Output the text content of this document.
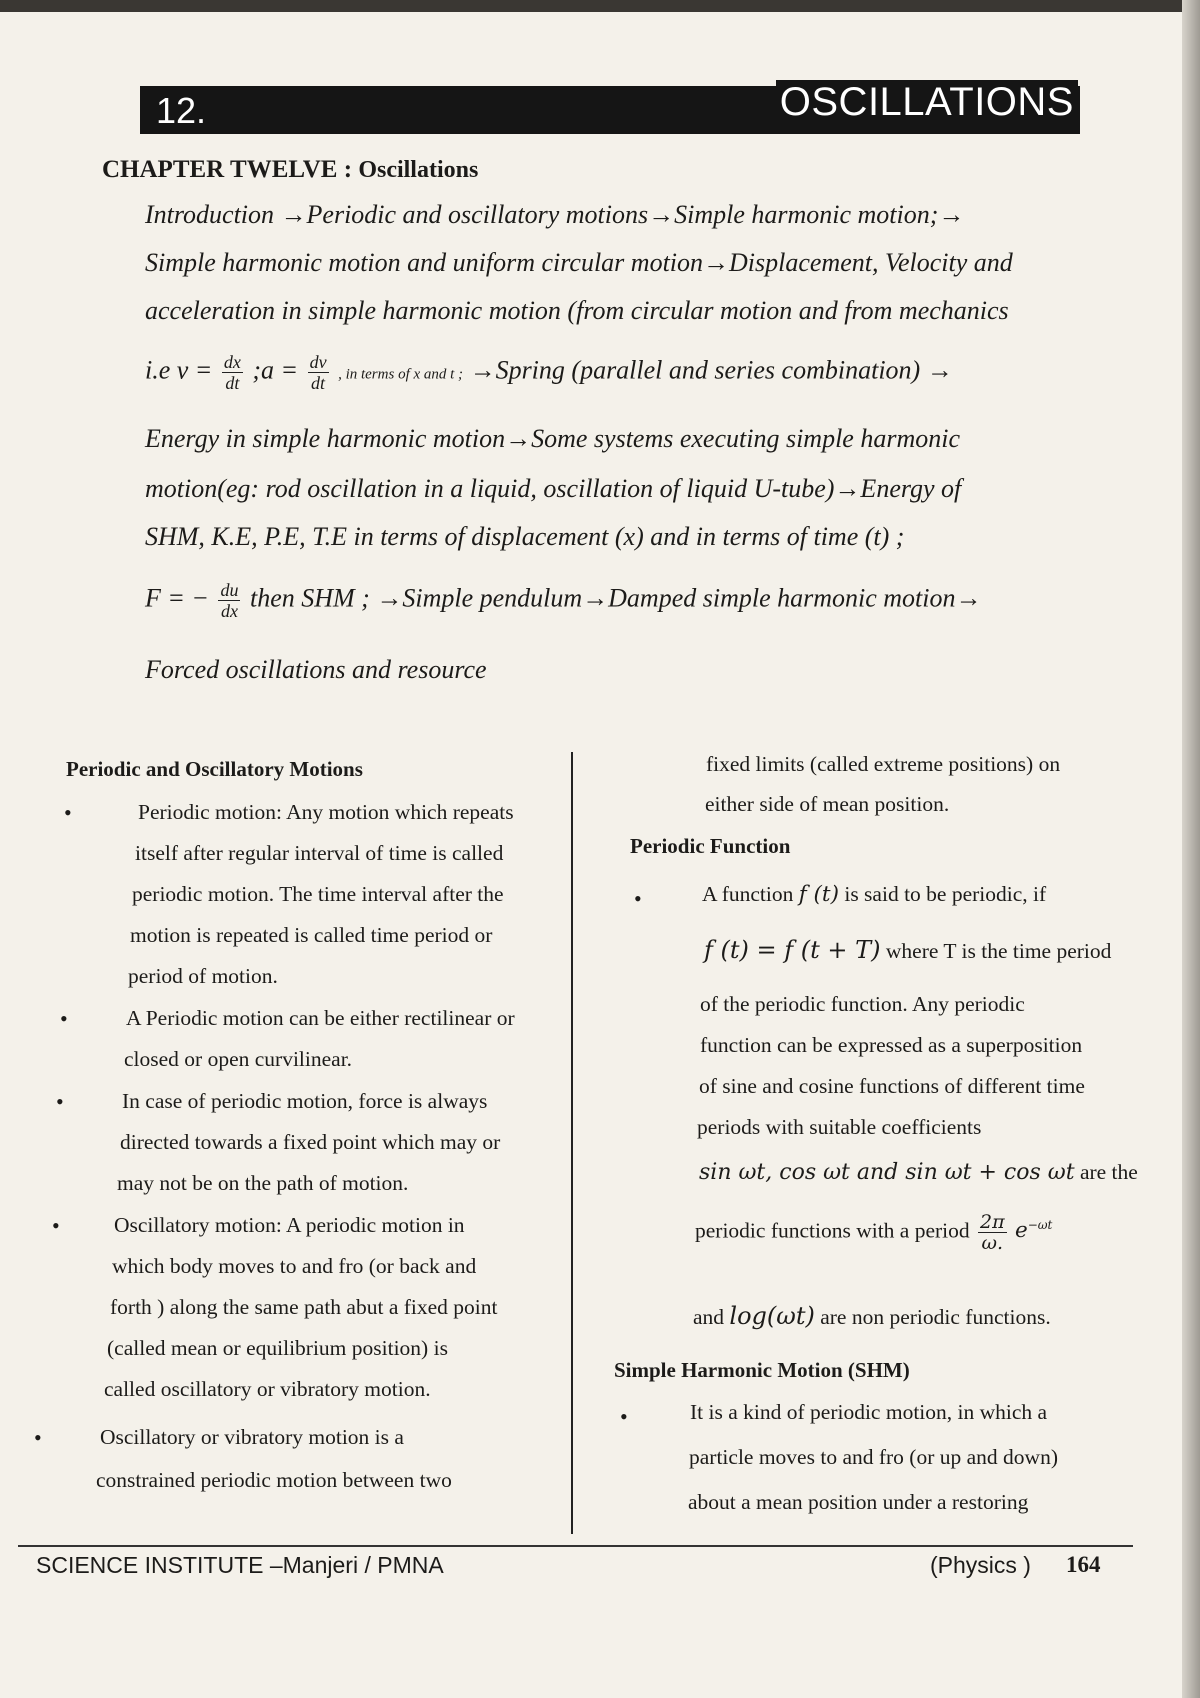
12.	OSCILLATIONS
CHAPTER TWELVE : Oscillations
Introduction →Periodic and oscillatory motions→Simple harmonic motion;→
Simple harmonic motion and uniform circular motion→Displacement, Velocity and
acceleration in simple harmonic motion (from circular motion and from mechanics
i.e $v = \frac{dx}{dt}$ ;a = $\frac{dv}{dt}$ , in terms of x and t ; →Spring (parallel and series combination) →
Energy in simple harmonic motion→Some systems executing simple harmonic
motion(eg: rod oscillation in a liquid, oscillation of liquid U-tube)→Energy of
SHM, K.E, P.E, T.E in terms of displacement (x) and in terms of time (t) ;
F = − $\frac{du}{dx}$ then SHM ; →Simple pendulum→Damped simple harmonic motion→
Forced oscillations and resource
Periodic and Oscillatory Motions
•	Periodic motion: Any motion which repeats
itself after regular interval of time is called
periodic motion. The time interval after the
motion is repeated is called time period or
period of motion.
•	A Periodic motion can be either rectilinear or
closed or open curvilinear.
•	In case of periodic motion, force is always
directed towards a fixed point which may or
may not be on the path of motion.
•	Oscillatory motion: A periodic motion in
which body moves to and fro (or back and
forth ) along the same path abut a fixed point
(called mean or equilibrium position) is
called oscillatory or vibratory motion.
•	Oscillatory or vibratory motion is a
constrained periodic motion between two
fixed limits (called extreme positions) on
either side of mean position.
Periodic Function
•	A function f (t) is said to be periodic, if
f (t) = f (t + T) where T is the time period
of the periodic function. Any periodic
function can be expressed as a superposition
of sine and cosine functions of different time
periods with suitable coefficients
sin ωt, cos ωt and sin ωt + cos ωt are the
periodic functions with a period $\frac{2\pi}{\omega.} e^{-\omega t}$
and log(ωt) are non periodic functions.
Simple Harmonic Motion (SHM)
•	It is a kind of periodic motion, in which a
particle moves to and fro (or up and down)
about a mean position under a restoring
SCIENCE INSTITUTE –Manjeri / PMNA	(Physics ) 164
